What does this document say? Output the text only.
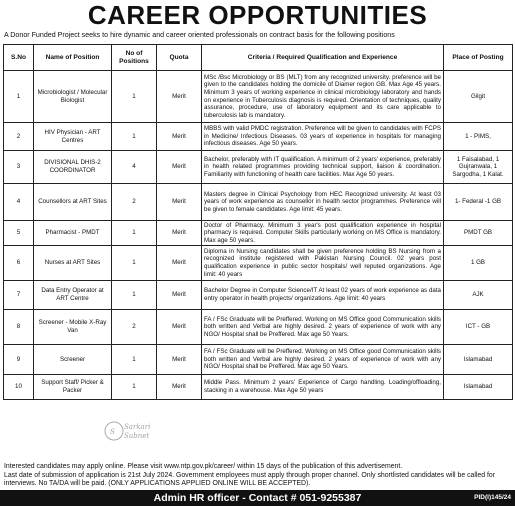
CAREER OPPORTUNITIES
A Donor Funded Project seeks to hire dynamic and career oriented professionals on contract basis for the following positions
S.No	Name of Position	No of Positions	Quota	Criteria / Required Qualification and Experience	Place of Posting
1	Microbiologist / Molecular Biologist	1	Merit	MSc /Bsc Microbiology or BS (MLT) from any recognized university. preference will be given to the candidates holding the domicile of Diamer region GB. Max Age 45 years. Minimum 3 years of working experience in clinical microbiology laboratory and hands on experience in Tuberculosis diagnosis is required. Orientation of techniques, quality assurance, procedure, use of laboratory equipment and its care applicable to tuberculosis lab is mandatory.	Gilgit
2	HIV Physician - ART Centres	1	Merit	MBBS with valid PMDC registration. Preference will be given to candidates with FCPS in Medicine/ Infectious Diseases. 03 years of experience in hospitals for managing infectious diseases. Age 50 years.	1 - PIMS,
3	DIVISIONAL DHIS-2 COORDINATOR	4	Merit	Bachelor, preferably with IT qualification. A minimum of 2 years' experience, preferably in health related programmes providing technical support, liaison & coordination. Familiarity with functioning of health care facilities. Max Age 50 years.	1 Faisalabad, 1 Gujranwala, 1 Sargodha, 1 Kalat.
4	Counsellors at ART Sites	2	Merit	Masters degree in Clinical Psychology from HEC Recognized university. At least 03 years of work experience as counsellor in health sector programmes. Preference will be given to female candidates. Age limit: 45 years.	1- Federal -1 GB
5	Pharmacist - PMDT	1	Merit	Doctor of Pharmacy. Minimum 3 year's post qualification experience in hospital pharmacy is required. Computer Skills particularly working on MS Office is mandatory. Max age 50 years.	PMDT GB
6	Nurses at ART Sites	1	Merit	Diploma in Nursing candidates shall be given preference holding BS Nursing from a recognized institute registered with Pakistan Nursing Council. 02 years post qualification experience in public sector hospitals/ well reputed organizations. Age limit: 40 years	1 GB
7	Data Entry Operator at ART Centre	1	Merit	Bachelor Degree in Computer Science/IT At least 02 years of work experience as data entry operator in health projects/ organizations. Age limit: 40 years	AJK
8	Screener - Mobile X-Ray Van	2	Merit	FA / FSc Graduate will be Preffered. Working on MS Office good Communication skills both written and Verbal are highly desired. 2 years of experience of work with any NGO/ Hospital shall be Preffered. Max age 50 Years.	ICT - GB
9	Screener	1	Merit	FA / FSc Graduate will be Preffered. Working on MS Office good Communication skills both written and Verbal are highly desired. 2 years of experience of work with any NGO/ Hospital shall be Preffered. Max age 50 Years.	Islamabad
10	Support Staff/ Picker & Packer	1	Merit	Middle Pass. Minimum 2 years' Experience of Cargo handling. Loading/offloading, stacking in a warehouse. Max Age 50 years	Islamabad
S
Sarkari
Subnet
Interested candidates may apply online. Please visit www.ntp.gov.pk/career/ within 15 days of the publication of this advertisement.
Last date of submission of application is 21st July 2024. Government employees must apply through proper channel. Only shortlisted candidates will be called for interviews. No TA/DA will be paid. (ONLY APPLICATIONS APPLIED ONLINE WILL BE ACCEPTED).
Admin HR officer - Contact # 051-9255387	PID(I)145/24
